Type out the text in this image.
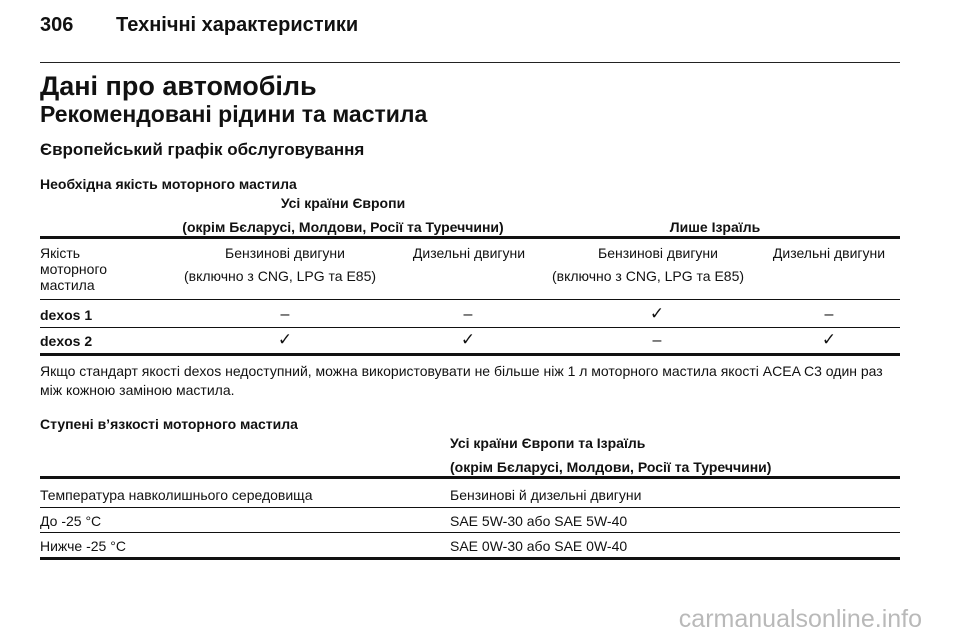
306 Технічні характеристики
Дані про автомобіль
Рекомендовані рідини та мастила
Європейський графік обслуговування
Необхідна якість моторного мастила
Усі країни Європи
(окрім Бєларусі, Молдови, Росії та Туреччини)	Лише Ізраїль
Якість
моторного
мастила
Бензинові двигуни	Дизельні двигуни	Бензинові двигуни	Дизельні двигуни
(включно з CNG, LPG та E85)	(включно з CNG, LPG та E85)
dexos 1	–	–	✓	–
dexos 2	✓	✓	–	✓
Якщо стандарт якості dexos недоступний, можна використовувати не більше ніж 1 л моторного мастила якості ACEA C3 один раз між кожною заміною мастила.
Ступені в’язкості моторного мастила
Усі країни Європи та Ізраїль
(окрім Бєларусі, Молдови, Росії та Туреччини)
Температура навколишнього середовища	Бензинові й дизельні двигуни
До -25 °C	SAE 5W-30 або SAE 5W-40
Нижче -25 °C	SAE 0W-30 або SAE 0W-40
carmanualsonline.info
